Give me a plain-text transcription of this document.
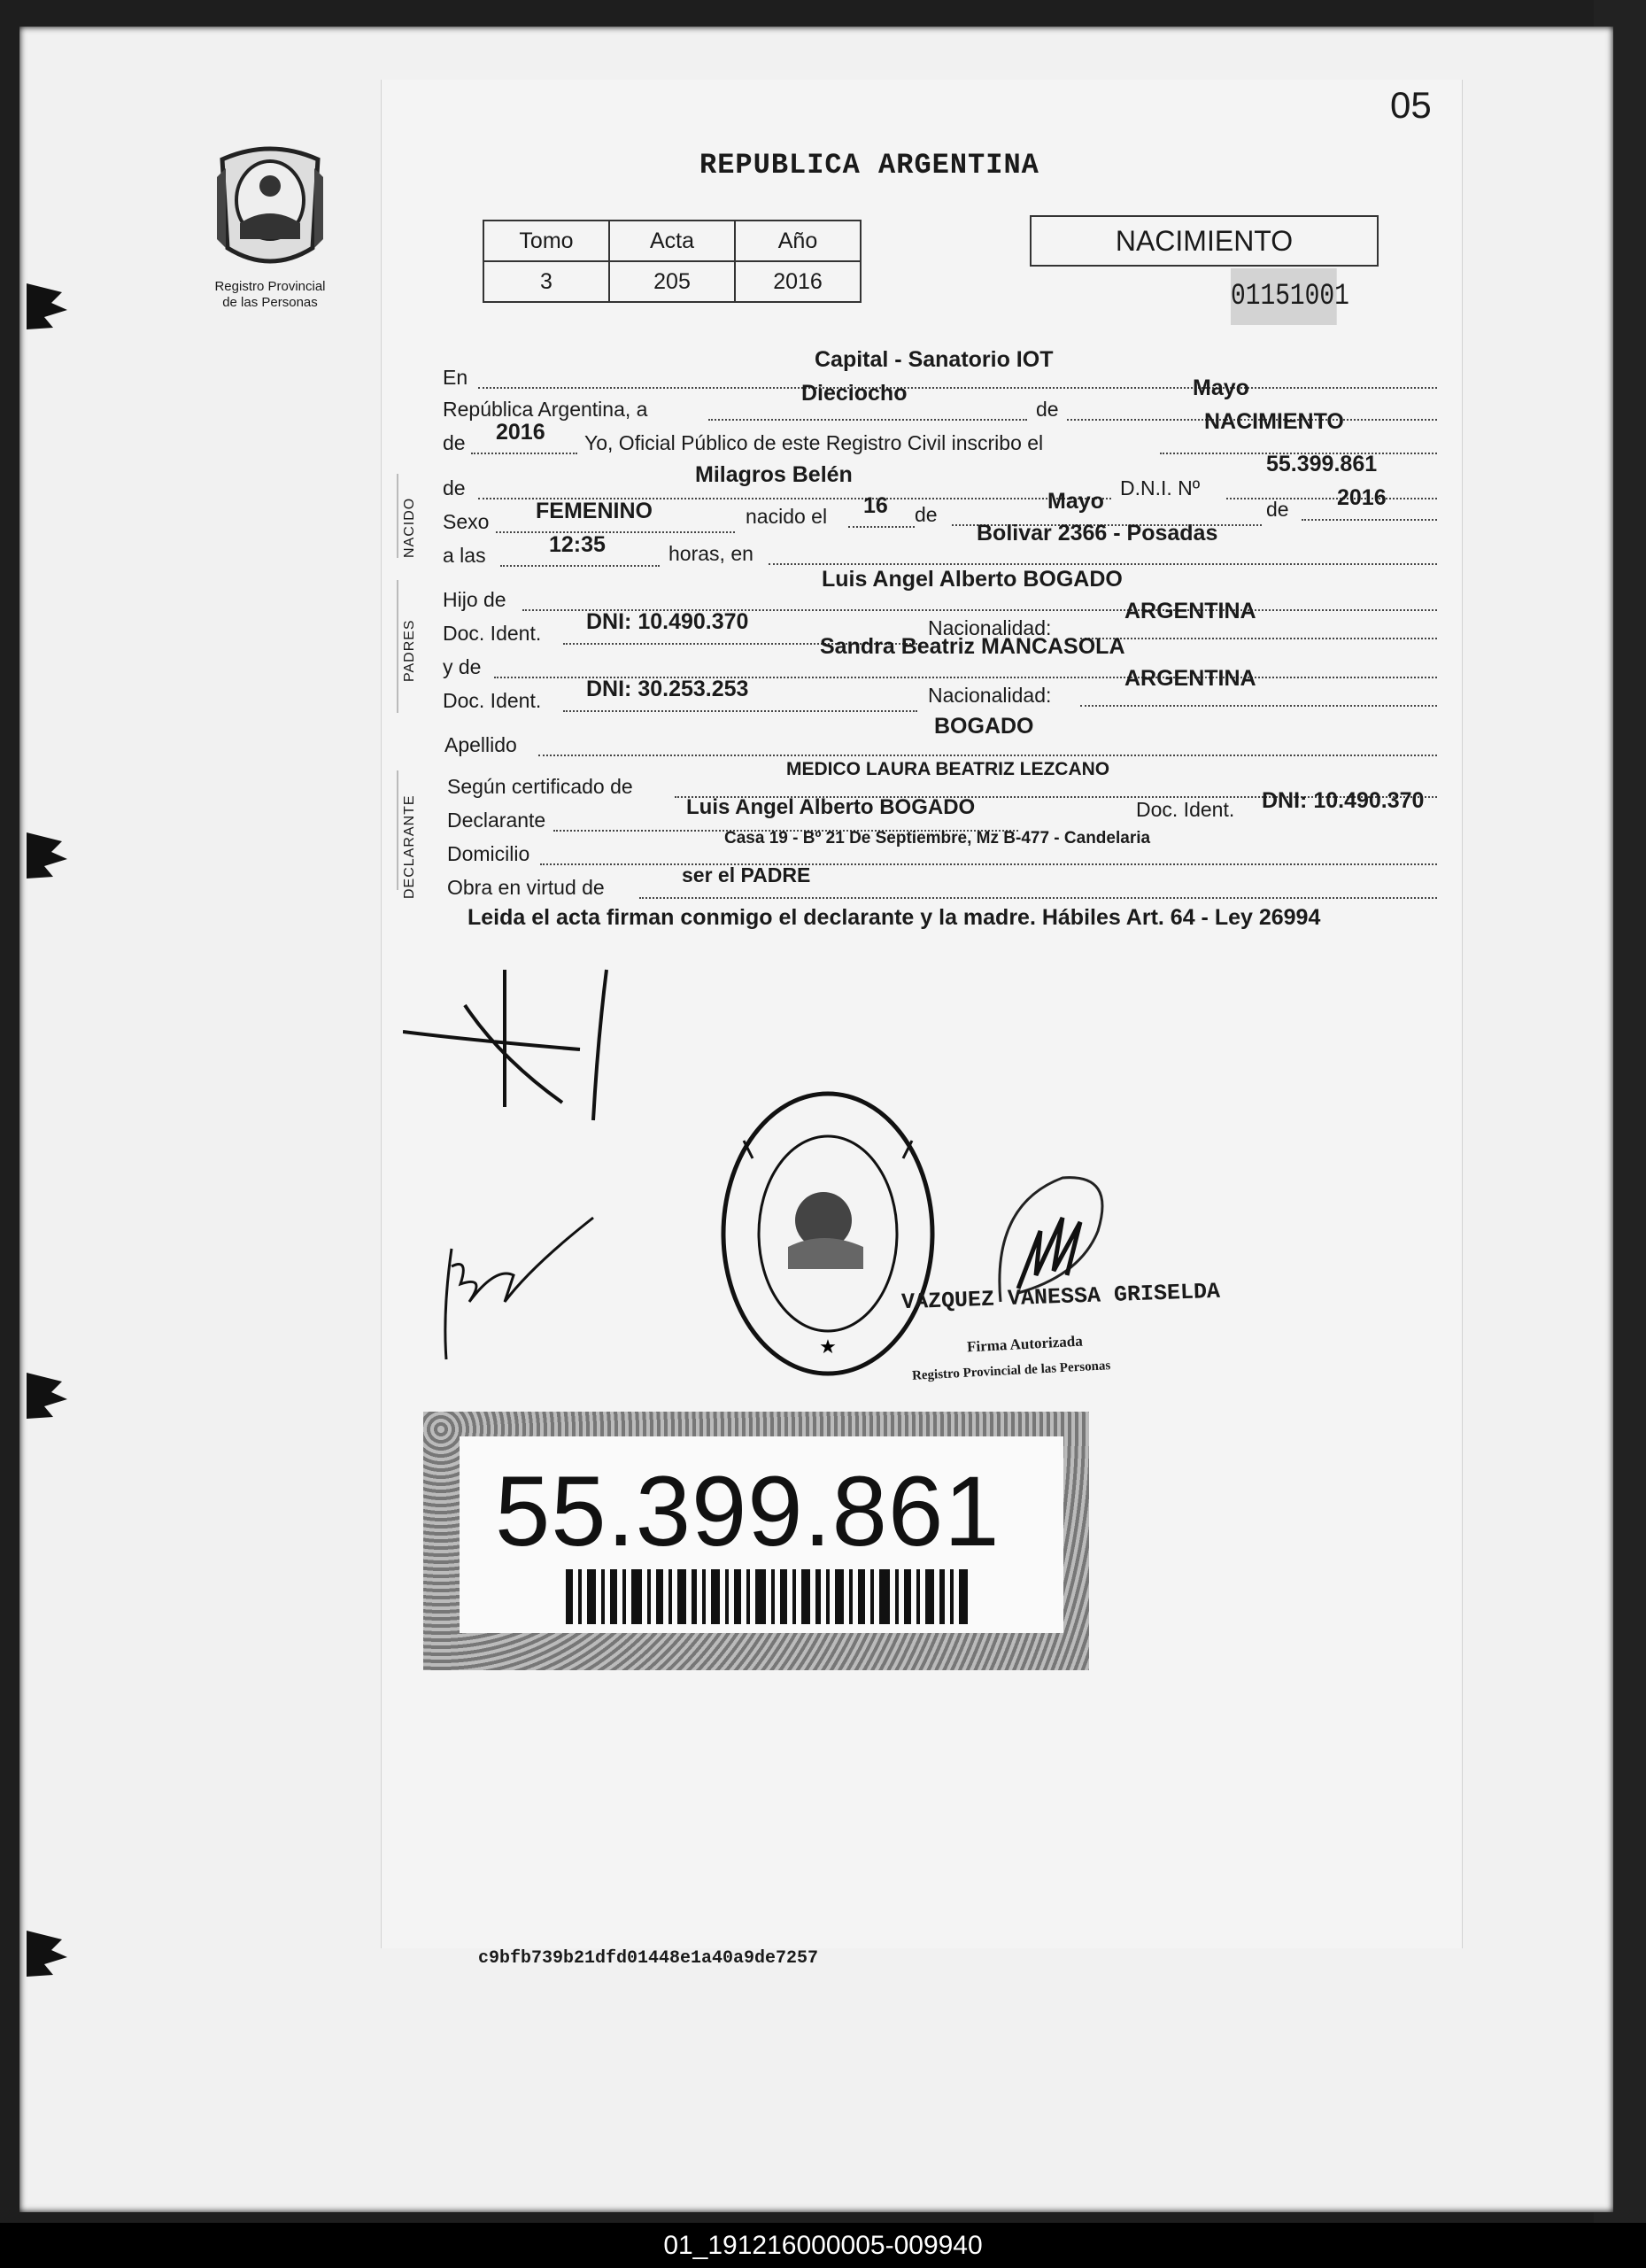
05
Registro Provincial
de las Personas
REPUBLICA ARGENTINA
Tomo	Acta	Año
3	205	2016
NACIMIENTO
01151001
NACIDO
PADRES
DECLARANTE
En
Capital - Sanatorio IOT
República Argentina, a
Dieciocho
de
Mayo
de 2016 Yo, Oficial Público de este Registro Civil inscribo el
NACIMIENTO
de
Milagros Belén
D.N.I. Nº
55.399.861
Sexo FEMENINO	nacido el 16 de
Mayo	de 2016
a las	12:35	horas, en
Bolivar 2366 - Posadas
Hijo de
Luis Angel Alberto BOGADO
Doc. Ident. DNI: 10.490.370	Nacionalidad:
ARGENTINA
y de
Sandra Beatriz MANCASOLA
Doc. Ident. DNI: 30.253.253	Nacionalidad:
ARGENTINA
Apellido
BOGADO
Según certificado de
MEDICO LAURA BEATRIZ LEZCANO
Declarante
Luis Angel Alberto BOGADO	Doc. Ident. DNI: 10.490.370
Domicilio
Casa 19 - Bº 21 De Septiembre, Mz B-477 - Candelaria
Obra en virtud de
ser el PADRE
Leida el acta firman conmigo el declarante y la madre. Hábiles Art. 64 - Ley 26994
★
VAZQUEZ VANESSA GRISELDA
Firma Autorizada
Registro Provincial de las Personas
55.399.861
c9bfb739b21dfd01448e1a40a9de7257
01_191216000005-009940
